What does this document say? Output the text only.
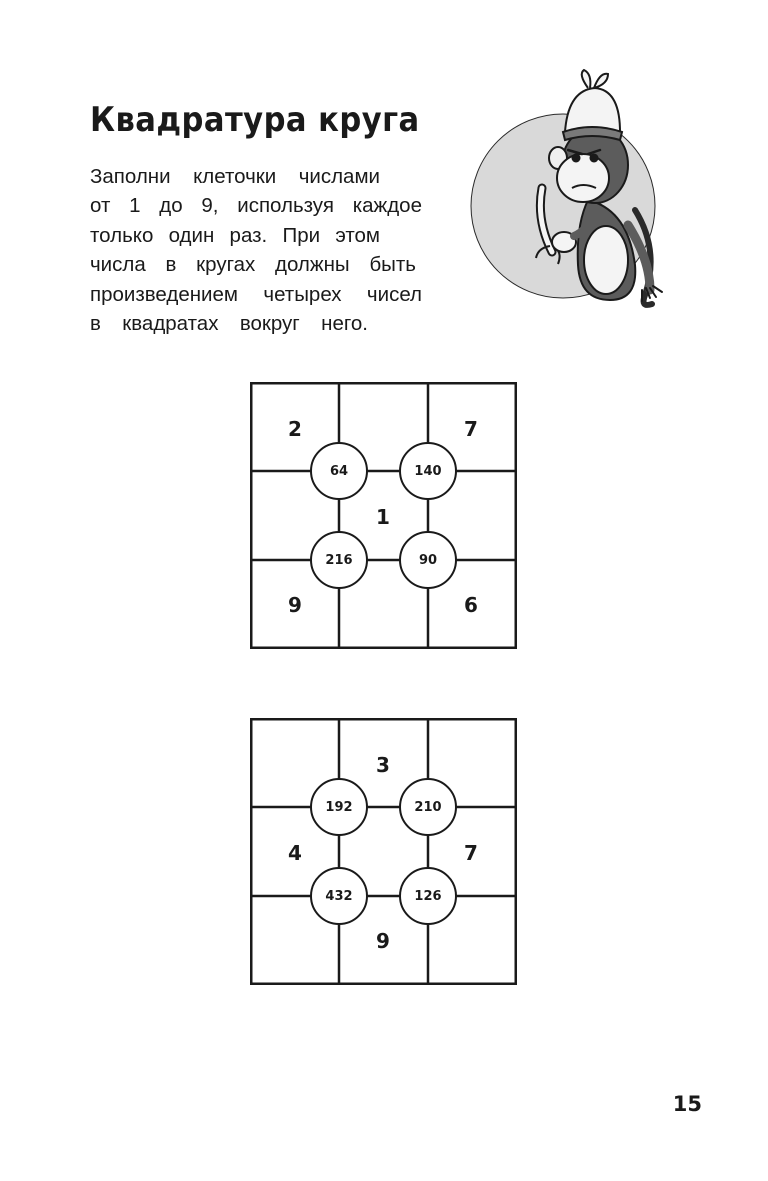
Квадратура круга

Заполни клеточки числами
от 1 до 9, используя каждое
только один раз. При этом
числа в кругах должны быть
произведением четырех чисел
в квадратах вокруг него.

2	7
1
9	6
64	140
216	90
3
4	7
9
192	210
432	126
15
